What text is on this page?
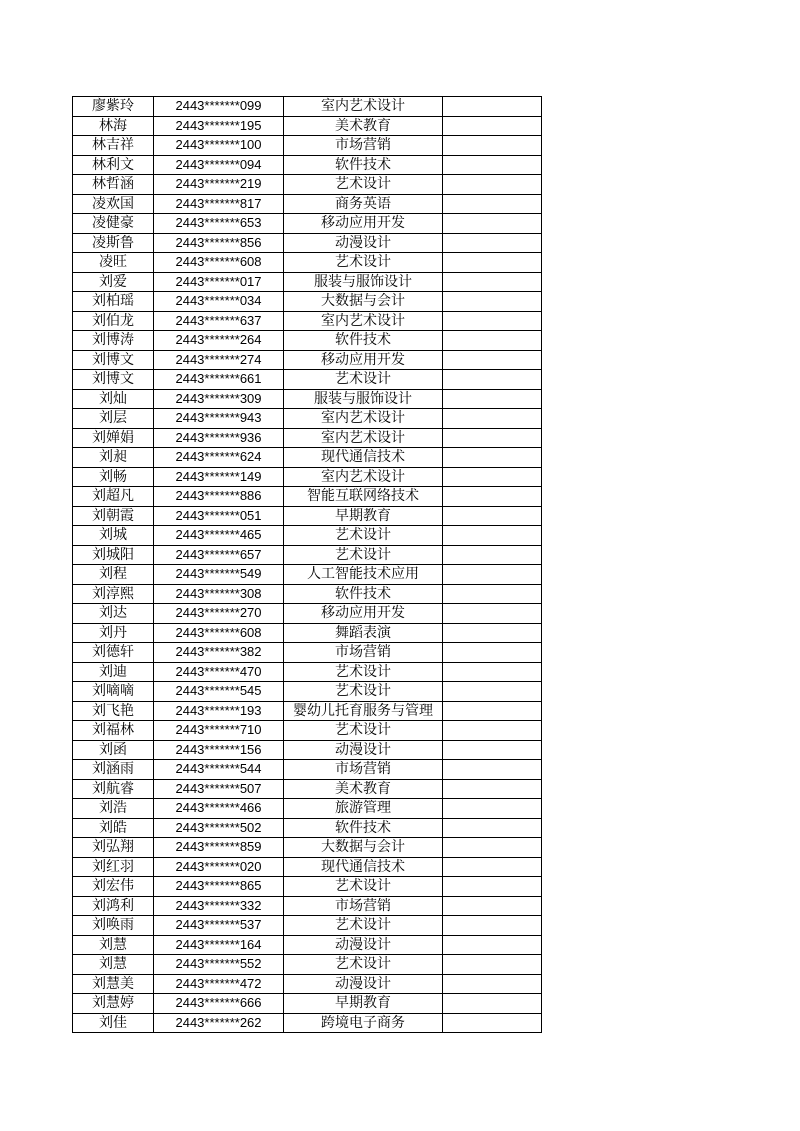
廖紫玲	2443*******099	室内艺术设计	
林海	2443*******195	美术教育	
林吉祥	2443*******100	市场营销	
林利文	2443*******094	软件技术	
林哲涵	2443*******219	艺术设计	
凌欢国	2443*******817	商务英语	
凌健豪	2443*******653	移动应用开发	
凌斯鲁	2443*******856	动漫设计	
凌旺	2443*******608	艺术设计	
刘爱	2443*******017	服装与服饰设计	
刘柏瑶	2443*******034	大数据与会计	
刘伯龙	2443*******637	室内艺术设计	
刘博涛	2443*******264	软件技术	
刘博文	2443*******274	移动应用开发	
刘博文	2443*******661	艺术设计	
刘灿	2443*******309	服装与服饰设计	
刘层	2443*******943	室内艺术设计	
刘婵娟	2443*******936	室内艺术设计	
刘昶	2443*******624	现代通信技术	
刘畅	2443*******149	室内艺术设计	
刘超凡	2443*******886	智能互联网络技术	
刘朝霞	2443*******051	早期教育	
刘城	2443*******465	艺术设计	
刘城阳	2443*******657	艺术设计	
刘程	2443*******549	人工智能技术应用	
刘淳熙	2443*******308	软件技术	
刘达	2443*******270	移动应用开发	
刘丹	2443*******608	舞蹈表演	
刘德轩	2443*******382	市场营销	
刘迪	2443*******470	艺术设计	
刘嘀嘀	2443*******545	艺术设计	
刘飞艳	2443*******193	婴幼儿托育服务与管理	
刘福林	2443*******710	艺术设计	
刘函	2443*******156	动漫设计	
刘涵雨	2443*******544	市场营销	
刘航睿	2443*******507	美术教育	
刘浩	2443*******466	旅游管理	
刘皓	2443*******502	软件技术	
刘弘翔	2443*******859	大数据与会计	
刘红羽	2443*******020	现代通信技术	
刘宏伟	2443*******865	艺术设计	
刘鸿利	2443*******332	市场营销	
刘唤雨	2443*******537	艺术设计	
刘慧	2443*******164	动漫设计	
刘慧	2443*******552	艺术设计	
刘慧美	2443*******472	动漫设计	
刘慧婷	2443*******666	早期教育	
刘佳	2443*******262	跨境电子商务	
